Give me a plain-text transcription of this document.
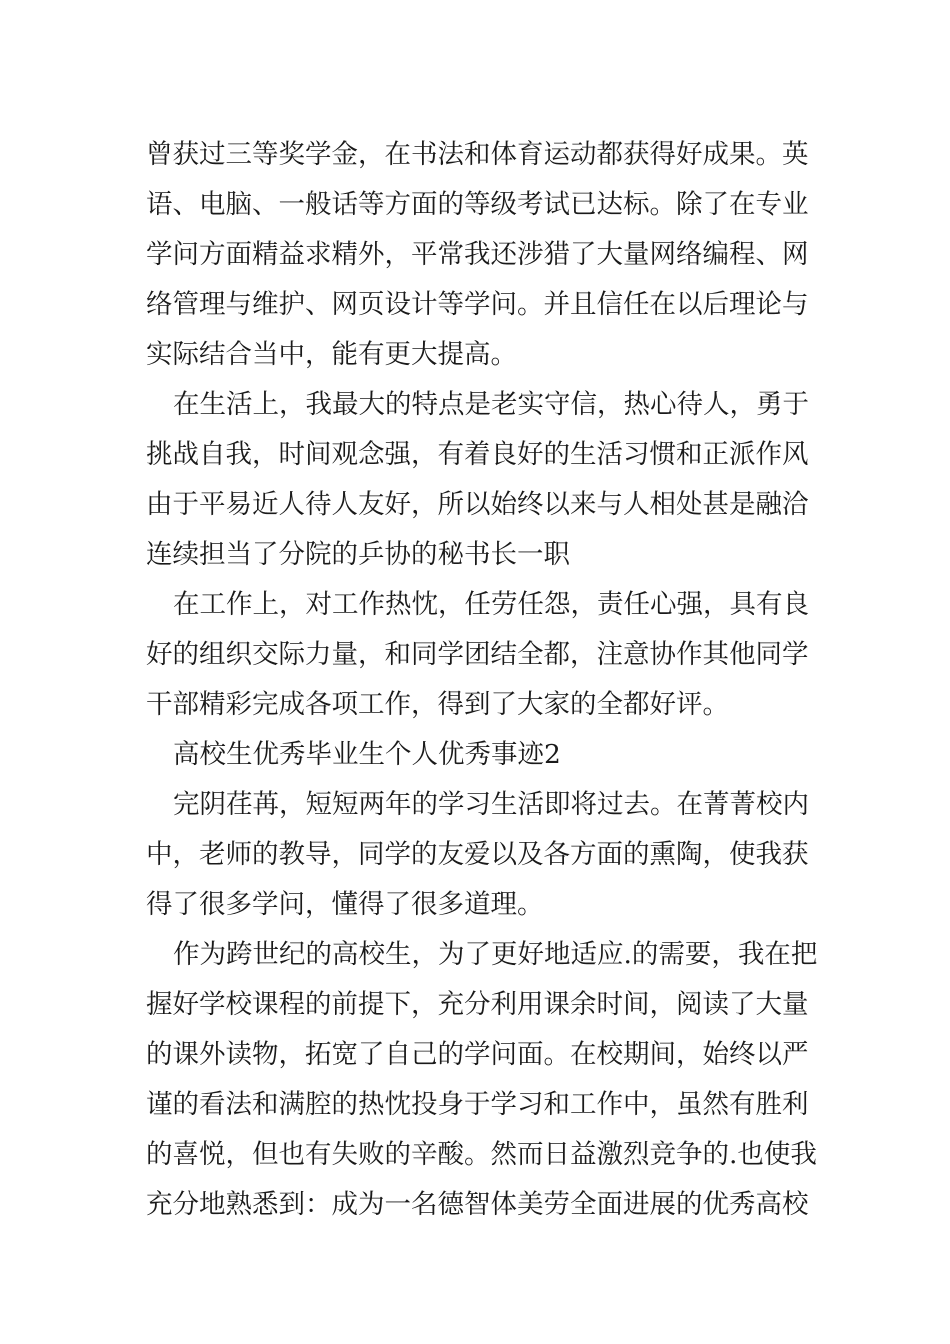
曾获过三等奖学金，在书法和体育运动都获得好成果。英
语、电脑、一般话等方面的等级考试已达标。除了在专业
学问方面精益求精外，平常我还涉猎了大量网络编程、网
络管理与维护、网页设计等学问。并且信任在以后理论与
实际结合当中，能有更大提高。
在生活上，我最大的特点是老实守信，热心待人，勇于
挑战自我，时间观念强，有着良好的生活习惯和正派作风
由于平易近人待人友好，所以始终以来与人相处甚是融洽
连续担当了分院的乒协的秘书长一职
在工作上，对工作热忱，任劳任怨，责任心强，具有良
好的组织交际力量，和同学团结全都，注意协作其他同学
干部精彩完成各项工作，得到了大家的全都好评。
高校生优秀毕业生个人优秀事迹2
完阴荏苒，短短两年的学习生活即将过去。在菁菁校内
中，老师的教导，同学的友爱以及各方面的熏陶，使我获
得了很多学问，懂得了很多道理。
作为跨世纪的高校生，为了更好地适应.的需要，我在把
握好学校课程的前提下，充分利用课余时间，阅读了大量
的课外读物，拓宽了自己的学问面。在校期间，始终以严
谨的看法和满腔的热忱投身于学习和工作中，虽然有胜利
的喜悦，但也有失败的辛酸。然而日益激烈竞争的.也使我
充分地熟悉到：成为一名德智体美劳全面进展的优秀高校
